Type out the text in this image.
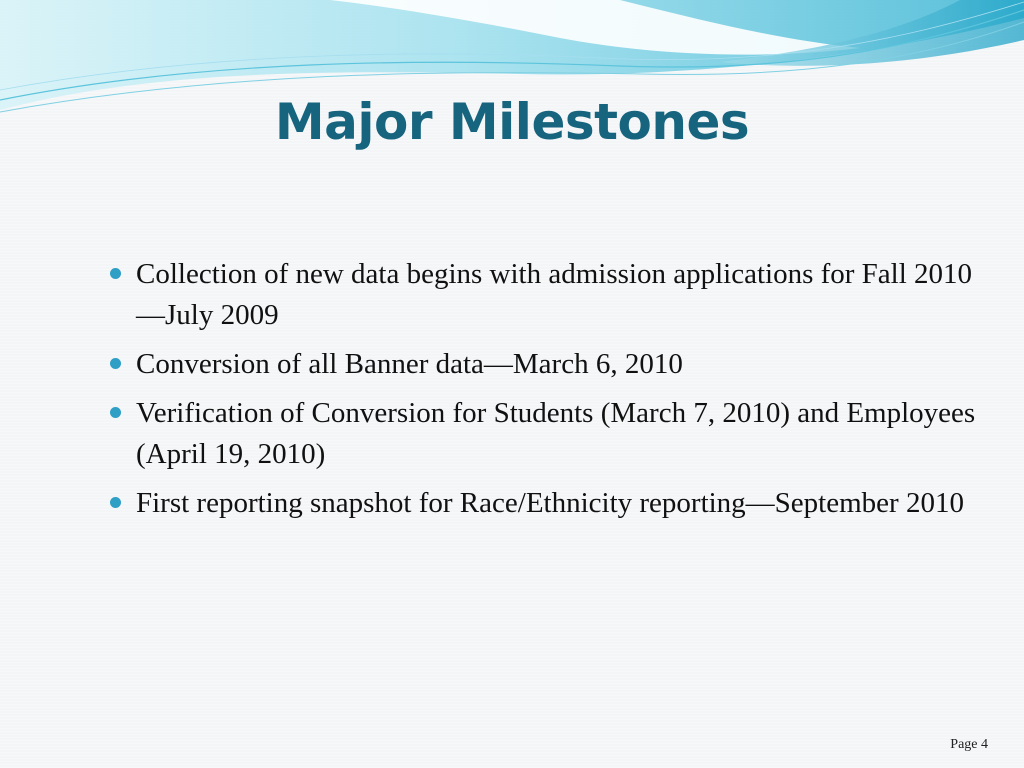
Major Milestones
Collection of new data begins with admission applications for Fall 2010—July 2009
Conversion of all Banner data—March 6, 2010
Verification of Conversion for Students (March 7, 2010) and Employees (April 19, 2010)
First reporting snapshot for Race/Ethnicity reporting—September 2010
Page 4
